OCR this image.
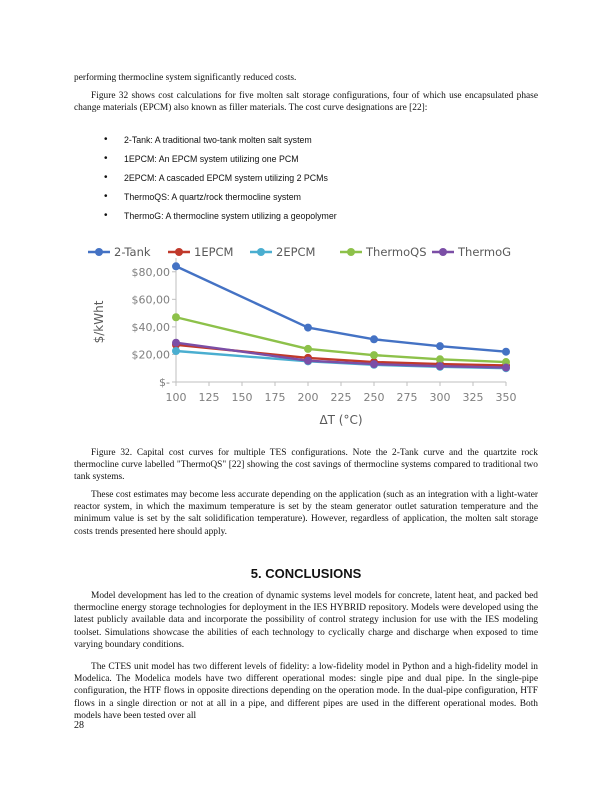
performing thermocline system significantly reduced costs.

Figure 32 shows cost calculations for five molten salt storage configurations, four of which use encapsulated phase change materials (EPCM) also known as filler materials. The cost curve designations are [22]:

• 2-Tank: A traditional two-tank molten salt system
• 1EPCM: An EPCM system utilizing one PCM
• 2EPCM: A cascaded EPCM system utilizing 2 PCMs
• ThermoQS: A quartz/rock thermocline system
• ThermoG: A thermocline system utilizing a geopolymer
$-
$20,00
$40,00
$60,00
$80,00
100 125 150 175 200 225 250 275 300 325 350
ΔT (°C)
$/kWht
2-Tank	1EPCM	2EPCM	ThermoQS	ThermoG

Figure 32. Capital cost curves for multiple TES configurations. Note the 2-Tank curve and the quartzite rock thermocline curve labelled "ThermoQS" [22] showing the cost savings of thermocline systems compared to traditional two tank systems.

These cost estimates may become less accurate depending on the application (such as an integration with a light-water reactor system, in which the maximum temperature is set by the steam generator outlet saturation temperature and the minimum value is set by the salt solidification temperature). However, regardless of application, the molten salt storage costs trends presented here should apply.

5. CONCLUSIONS

Model development has led to the creation of dynamic systems level models for concrete, latent heat, and packed bed thermocline energy storage technologies for deployment in the IES HYBRID repository. Models were developed using the latest publicly available data and incorporate the possibility of control strategy inclusion for use with the IES modeling toolset. Simulations showcase the abilities of each technology to cyclically charge and discharge when exposed to time varying boundary conditions.

The CTES unit model has two different levels of fidelity: a low-fidelity model in Python and a high-fidelity model in Modelica. The Modelica models have two different operational modes: single pipe and dual pipe. In the single-pipe configuration, the HTF flows in opposite directions depending on the operation mode. In the dual-pipe configuration, HTF flows in a single direction or not at all in a pipe, and different pipes are used in the different operational modes. Both models have been tested over all

28
